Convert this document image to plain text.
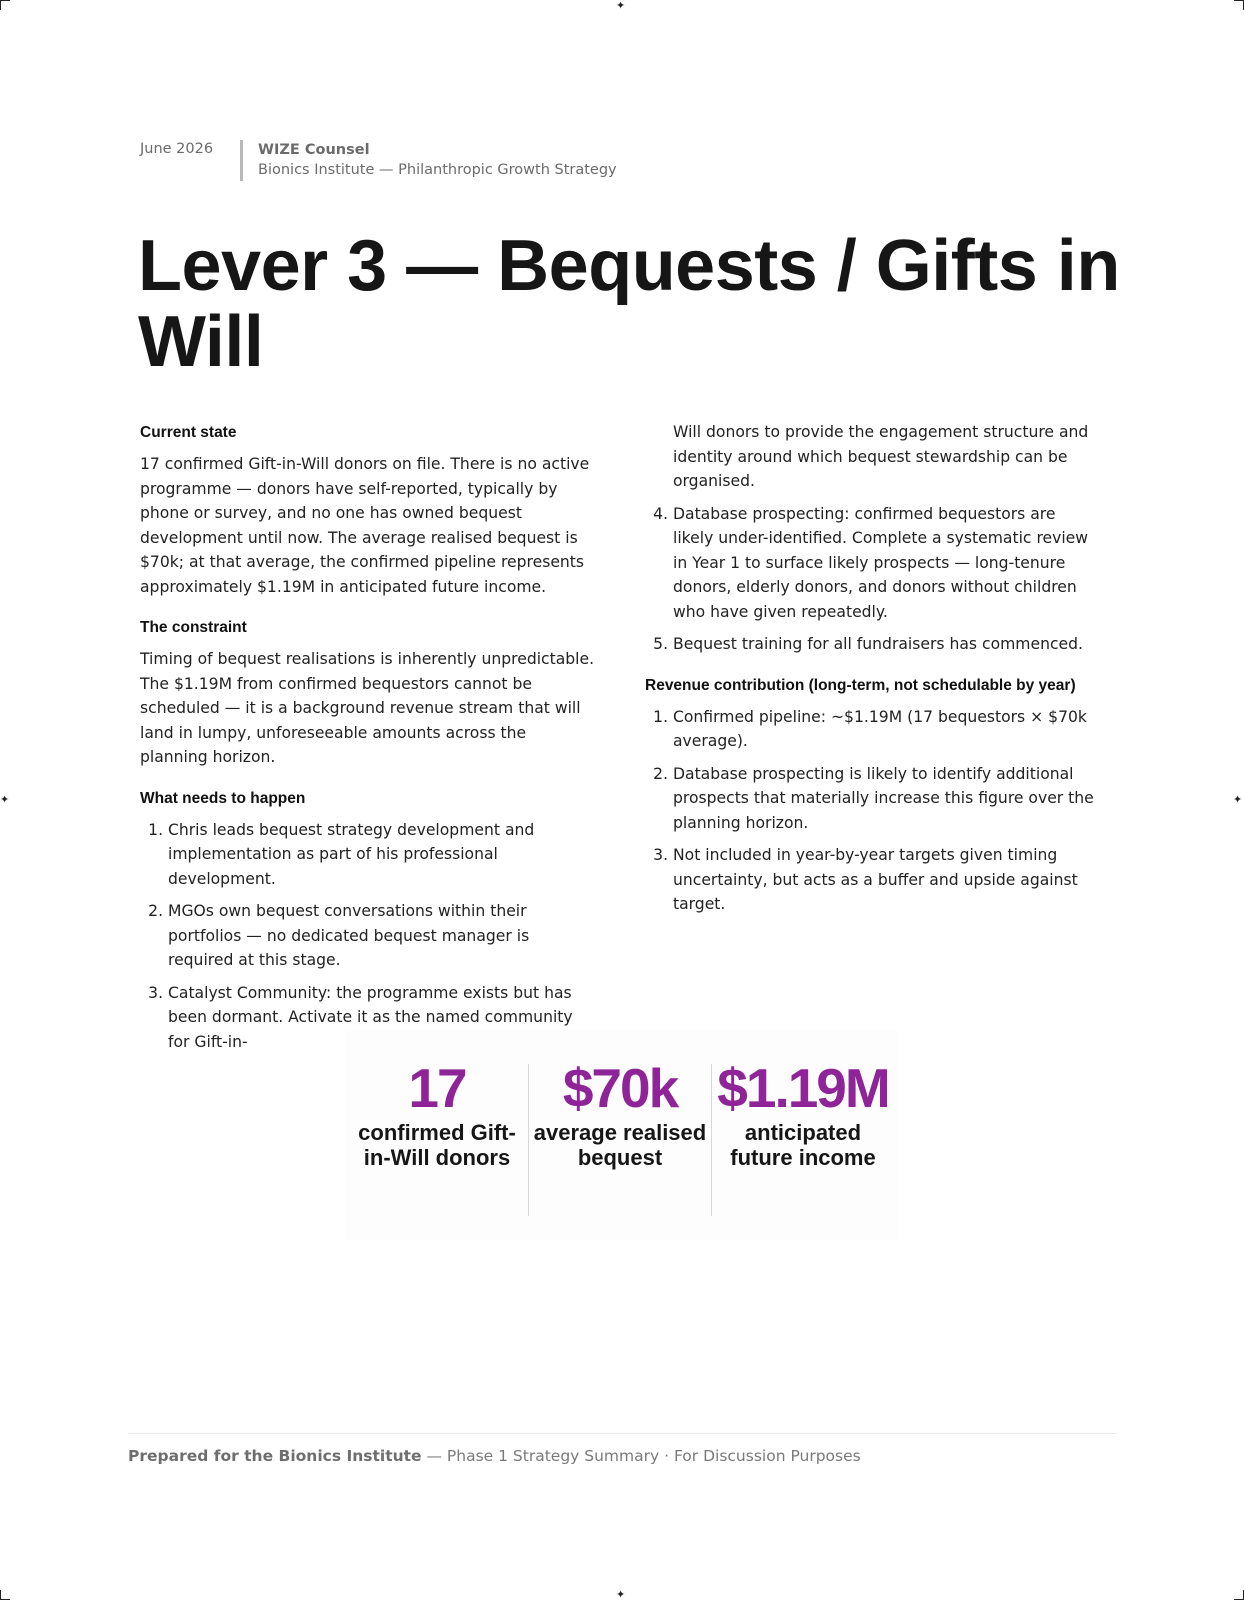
✦
✦
✦	✦
June 2026	WIZE Counsel
Bionics Institute — Philanthropic Growth Strategy
Lever 3 — Bequests / Gifts in Will
Current state

17 confirmed Gift-in-Will donors on file. There is no active programme — donors have self-reported, typically by phone or survey, and no one has owned bequest development until now. The average realised bequest is $70k; at that average, the confirmed pipeline represents approximately $1.19M in anticipated future income.

The constraint

Timing of bequest realisations is inherently unpredictable. The $1.19M from confirmed bequestors cannot be scheduled — it is a background revenue stream that will land in lumpy, unforeseeable amounts across the planning horizon.

What needs to happen
1. Chris leads bequest strategy development and implementation as part of his professional development.
2. MGOs own bequest conversations within their portfolios — no dedicated bequest manager is required at this stage.
3. Catalyst Community: the programme exists but has been dormant. Activate it as the named community for Gift-in-
Will donors to provide the engagement structure and identity around which bequest stewardship can be organised.
4. Database prospecting: confirmed bequestors are likely under-identified. Complete a systematic review in Year 1 to surface likely prospects — long-tenure donors, elderly donors, and donors without children who have given repeatedly.
5. Bequest training for all fundraisers has commenced.
Revenue contribution (long-term, not schedulable by year)
1. Confirmed pipeline: ~$1.19M (17 bequestors × $70k average).
2. Database prospecting is likely to identify additional prospects that materially increase this figure over the planning horizon.
3. Not included in year-by-year targets given timing uncertainty, but acts as a buffer and upside against target.
17
confirmed Gift-in-Will donors
$70k
average realised bequest
$1.19M
anticipated future income
Prepared for the Bionics Institute — Phase 1 Strategy Summary · For Discussion Purposes
